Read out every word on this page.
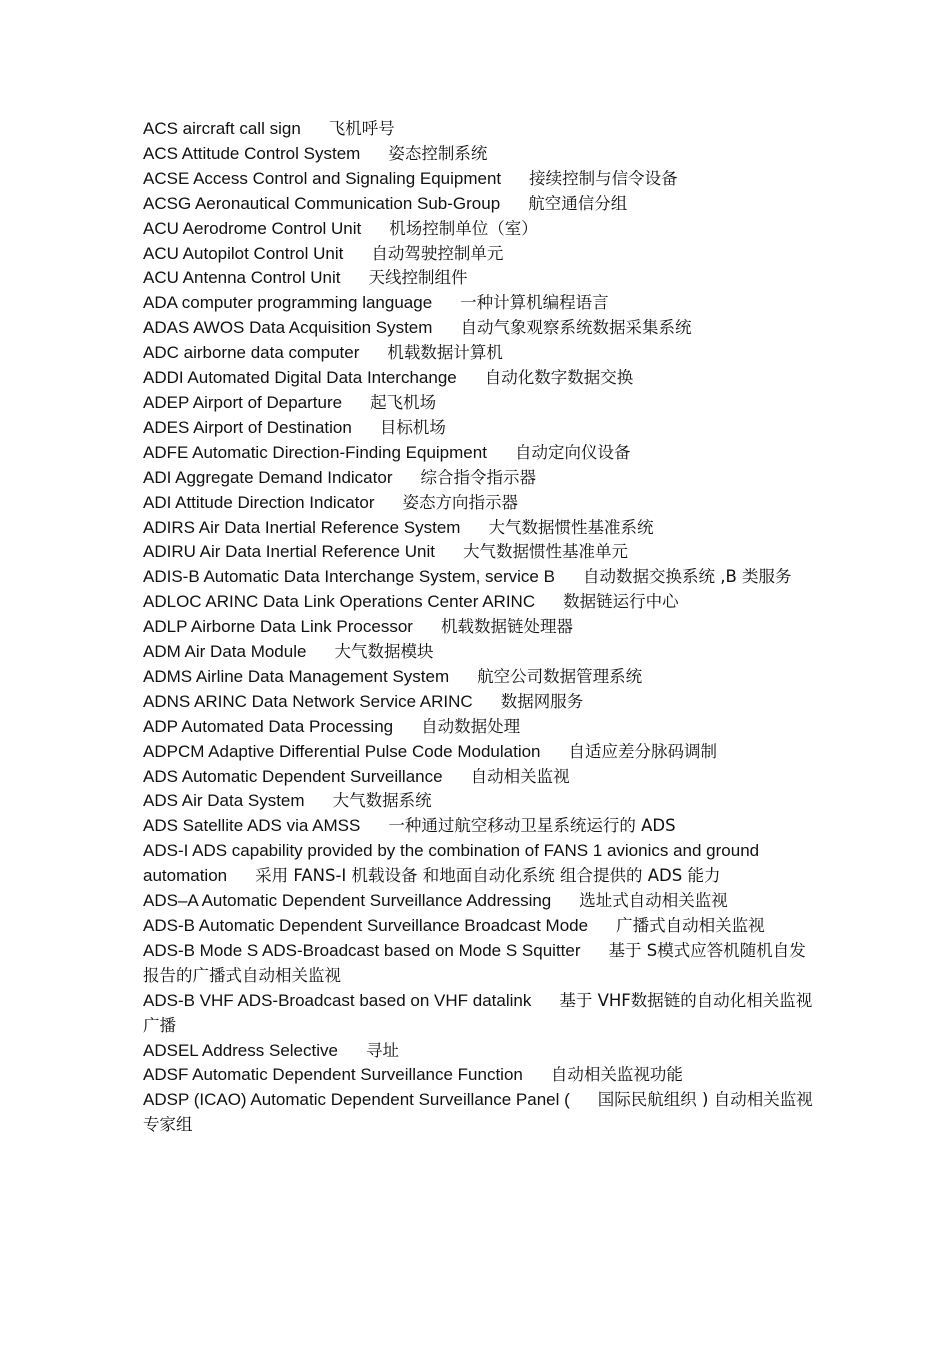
ACS aircraft call sign 飞机呼号
ACS Attitude Control System 姿态控制系统
ACSE Access Control and Signaling Equipment 接续控制与信令设备
ACSG Aeronautical Communication Sub-Group 航空通信分组
ACU Aerodrome Control Unit 机场控制单位（室）
ACU Autopilot Control Unit 自动驾驶控制单元
ACU Antenna Control Unit 天线控制组件
ADA computer programming language 一种计算机编程语言
ADAS AWOS Data Acquisition System 自动气象观察系统数据采集系统
ADC airborne data computer 机载数据计算机
ADDI Automated Digital Data Interchange 自动化数字数据交换
ADEP Airport of Departure 起飞机场
ADES Airport of Destination 目标机场
ADFE Automatic Direction-Finding Equipment 自动定向仪设备
ADI Aggregate Demand Indicator 综合指令指示器
ADI Attitude Direction Indicator 姿态方向指示器
ADIRS Air Data Inertial Reference System 大气数据惯性基准系统
ADIRU Air Data Inertial Reference Unit 大气数据惯性基准单元
ADIS-B Automatic Data Interchange System, service B 自动数据交换系统 ,B 类服务
ADLOC ARINC Data Link Operations Center ARINC 数据链运行中心
ADLP Airborne Data Link Processor 机载数据链处理器
ADM Air Data Module 大气数据模块
ADMS Airline Data Management System 航空公司数据管理系统
ADNS ARINC Data Network Service ARINC 数据网服务
ADP Automated Data Processing 自动数据处理
ADPCM Adaptive Differential Pulse Code Modulation 自适应差分脉码调制
ADS Automatic Dependent Surveillance 自动相关监视
ADS Air Data System 大气数据系统
ADS Satellite ADS via AMSS 一种通过航空移动卫星系统运行的 ADS
ADS-I ADS capability provided by the combination of FANS 1 avionics and ground automation 采用 FANS-I 机载设备 和地面自动化系统 组合提供的 ADS 能力
ADS–A Automatic Dependent Surveillance Addressing 选址式自动相关监视
ADS-B Automatic Dependent Surveillance Broadcast Mode 广播式自动相关监视
ADS-B Mode S ADS-Broadcast based on Mode S Squitter 基于 S模式应答机随机自发报告的广播式自动相关监视
ADS-B VHF ADS-Broadcast based on VHF datalink 基于 VHF数据链的自动化相关监视广播
ADSEL Address Selective 寻址
ADSF Automatic Dependent Surveillance Function 自动相关监视功能
ADSP (ICAO) Automatic Dependent Surveillance Panel ( 国际民航组织 ) 自动相关监视专家组
